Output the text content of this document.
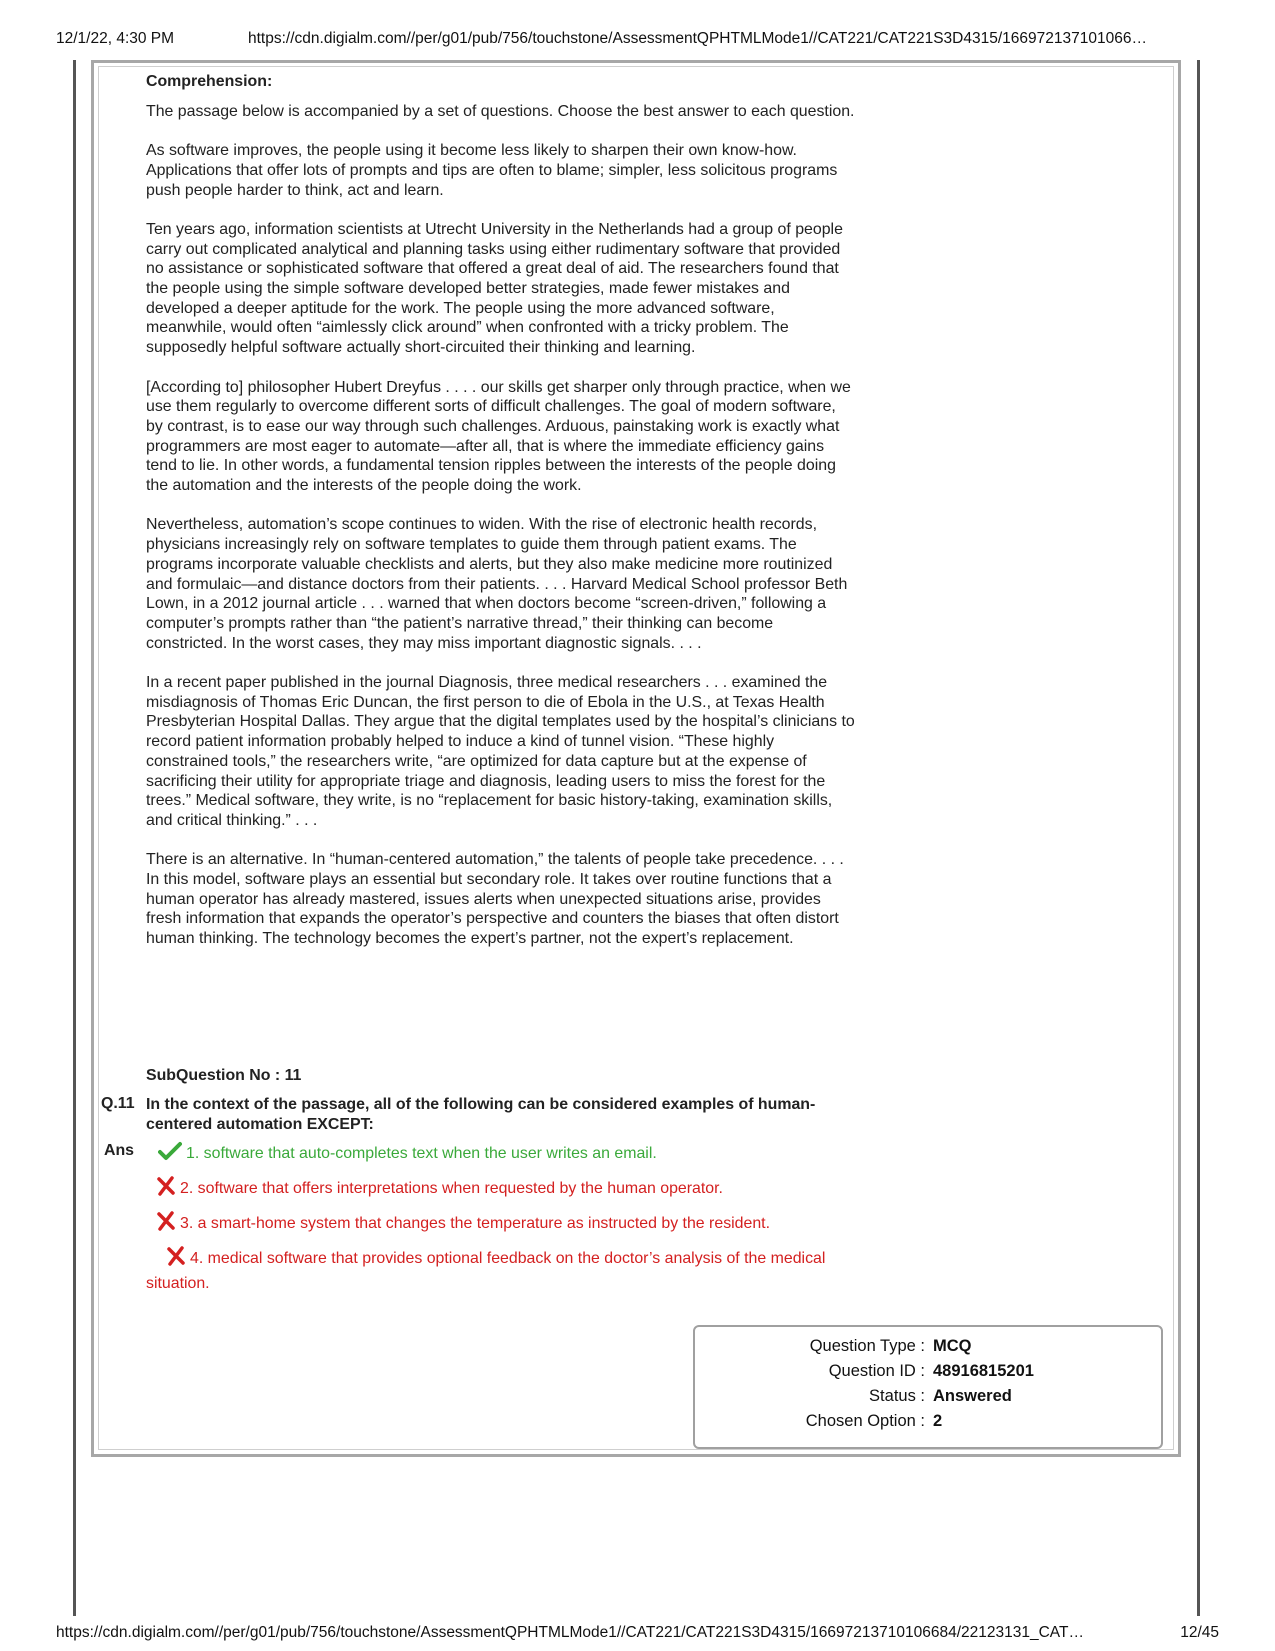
12/1/22, 4:30 PM	https://cdn.digialm.com//per/g01/pub/756/touchstone/AssessmentQPHTMLMode1//CAT221/CAT221S3D4315/166972137101066…

Comprehension:

The passage below is accompanied by a set of questions. Choose the best answer to each question.

As software improves, the people using it become less likely to sharpen their own know-how. Applications that offer lots of prompts and tips are often to blame; simpler, less solicitous programs push people harder to think, act and learn.

Ten years ago, information scientists at Utrecht University in the Netherlands had a group of people carry out complicated analytical and planning tasks using either rudimentary software that provided no assistance or sophisticated software that offered a great deal of aid. The researchers found that the people using the simple software developed better strategies, made fewer mistakes and developed a deeper aptitude for the work. The people using the more advanced software, meanwhile, would often “aimlessly click around” when confronted with a tricky problem. The supposedly helpful software actually short-circuited their thinking and learning.

[According to] philosopher Hubert Dreyfus . . . . our skills get sharper only through practice, when we use them regularly to overcome different sorts of difficult challenges. The goal of modern software, by contrast, is to ease our way through such challenges. Arduous, painstaking work is exactly what programmers are most eager to automate—after all, that is where the immediate efficiency gains tend to lie. In other words, a fundamental tension ripples between the interests of the people doing the automation and the interests of the people doing the work.

Nevertheless, automation’s scope continues to widen. With the rise of electronic health records, physicians increasingly rely on software templates to guide them through patient exams. The programs incorporate valuable checklists and alerts, but they also make medicine more routinized and formulaic—and distance doctors from their patients. . . . Harvard Medical School professor Beth Lown, in a 2012 journal article . . . warned that when doctors become “screen-driven,” following a computer’s prompts rather than “the patient’s narrative thread,” their thinking can become constricted. In the worst cases, they may miss important diagnostic signals. . . .

In a recent paper published in the journal Diagnosis, three medical researchers . . . examined the misdiagnosis of Thomas Eric Duncan, the first person to die of Ebola in the U.S., at Texas Health Presbyterian Hospital Dallas. They argue that the digital templates used by the hospital’s clinicians to record patient information probably helped to induce a kind of tunnel vision. “These highly constrained tools,” the researchers write, “are optimized for data capture but at the expense of sacrificing their utility for appropriate triage and diagnosis, leading users to miss the forest for the trees.” Medical software, they write, is no “replacement for basic history-taking, examination skills, and critical thinking.” . . .

There is an alternative. In “human-centered automation,” the talents of people take precedence. . . . In this model, software plays an essential but secondary role. It takes over routine functions that a human operator has already mastered, issues alerts when unexpected situations arise, provides fresh information that expands the operator’s perspective and counters the biases that often distort human thinking. The technology becomes the expert’s partner, not the expert’s replacement.

SubQuestion No : 11
Q.11 In the context of the passage, all of the following can be considered examples of human-centered automation EXCEPT:
Ans	1. software that auto-completes text when the user writes an email.
2. software that offers interpretations when requested by the human operator.
3. a smart-home system that changes the temperature as instructed by the resident.
4. medical software that provides optional feedback on the doctor’s analysis of the medical situation.
Question Type : MCQ
Question ID : 48916815201
Status : Answered
Chosen Option : 2
https://cdn.digialm.com//per/g01/pub/756/touchstone/AssessmentQPHTMLMode1//CAT221/CAT221S3D4315/16697213710106684/22123131_CAT…	12/45
